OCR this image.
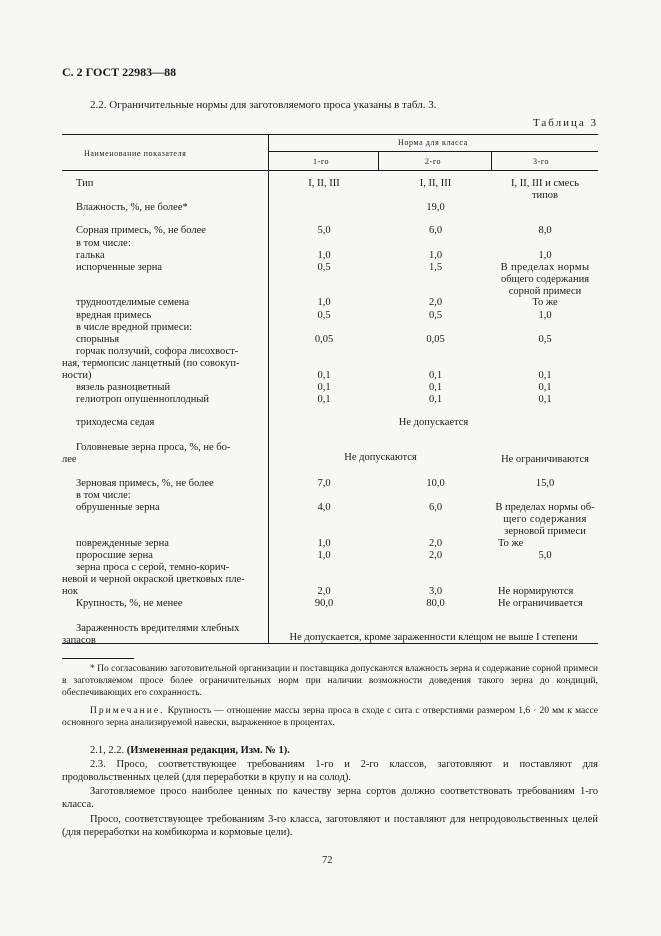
С. 2 ГОСТ 22983—88
2.2. Ограничительные нормы для заготовляемого проса указаны в табл. 3.
Таблица 3
Наименование показателя
Норма для класса
1-го	2-го	3-го
Тип	I, II, III	I, II, III	I, II, III и смесь
типов
Влажность, %, не более*	19,0
Сорная примесь, %, не более	5,0	6,0	8,0
в том числе:
галька	1,0	1,0	1,0
испорченные зерна	0,5	1,5	В пределах нормы
общего содержания
сорной примеси
трудноотделимые семена	1,0	2,0	То же
вредная примесь	0,5	0,5	1,0
в числе вредной примеси:
спорынья	0,05	0,05	0,5
горчак ползучий, софора лисохвост-
ная, термопсис ланцетный (по совокуп-
ности)	0,1	0,1	0,1
вязель разноцветный	0,1	0,1	0,1
гелиотроп опушенноплодный	0,1	0,1	0,1
триходесма седая	Не допускается
Головневые зерна проса, %, не бо-
лее	Не допускаются	Не ограничиваются
Зерновая примесь, %, не более	7,0	10,0	15,0
в том числе:
обрушенные зерна	4,0	6,0	В пределах нормы об-
щего содержания
зерновой примеси
поврежденные зерна	1,0	2,0	То же
проросшие зерна	1,0	2,0	5,0
зерна проса с серой, темно-корич-
невой и черной окраской цветковых пле-
нок	2,0	3,0	Не нормируются
Крупность, %, не менее	90,0	80,0	Не ограничивается
Зараженность вредителями хлебных
запасов	Не допускается, кроме зараженности клещом не выше I степени

* По согласованию заготовительной организации и поставщика допускаются влажность зерна и содержание сорной примеси в заготовляемом просе более ограничительных норм при наличии возможности доведения такого зерна до кондиций, обеспечивающих его сохранность.

Примечание. Крупность — отношение массы зерна проса в сходе с сита с отверстиями размером 1,6 · 20 мм к массе основного зерна анализируемой навески, выраженное в процентах.

2.1, 2.2. (Измененная редакция, Изм. № 1).

2.3. Просо, соответствующее требованиям 1-го и 2-го классов, заготовляют и поставляют для продовольственных целей (для переработки в крупу и на солод).

Заготовляемое просо наиболее ценных по качеству зерна сортов должно соответствовать требованиям 1-го класса.

Просо, соответствующее требованиям 3-го класса, заготовляют и поставляют для непродовольственных целей (для переработки на комбикорма и кормовые цели).

72
